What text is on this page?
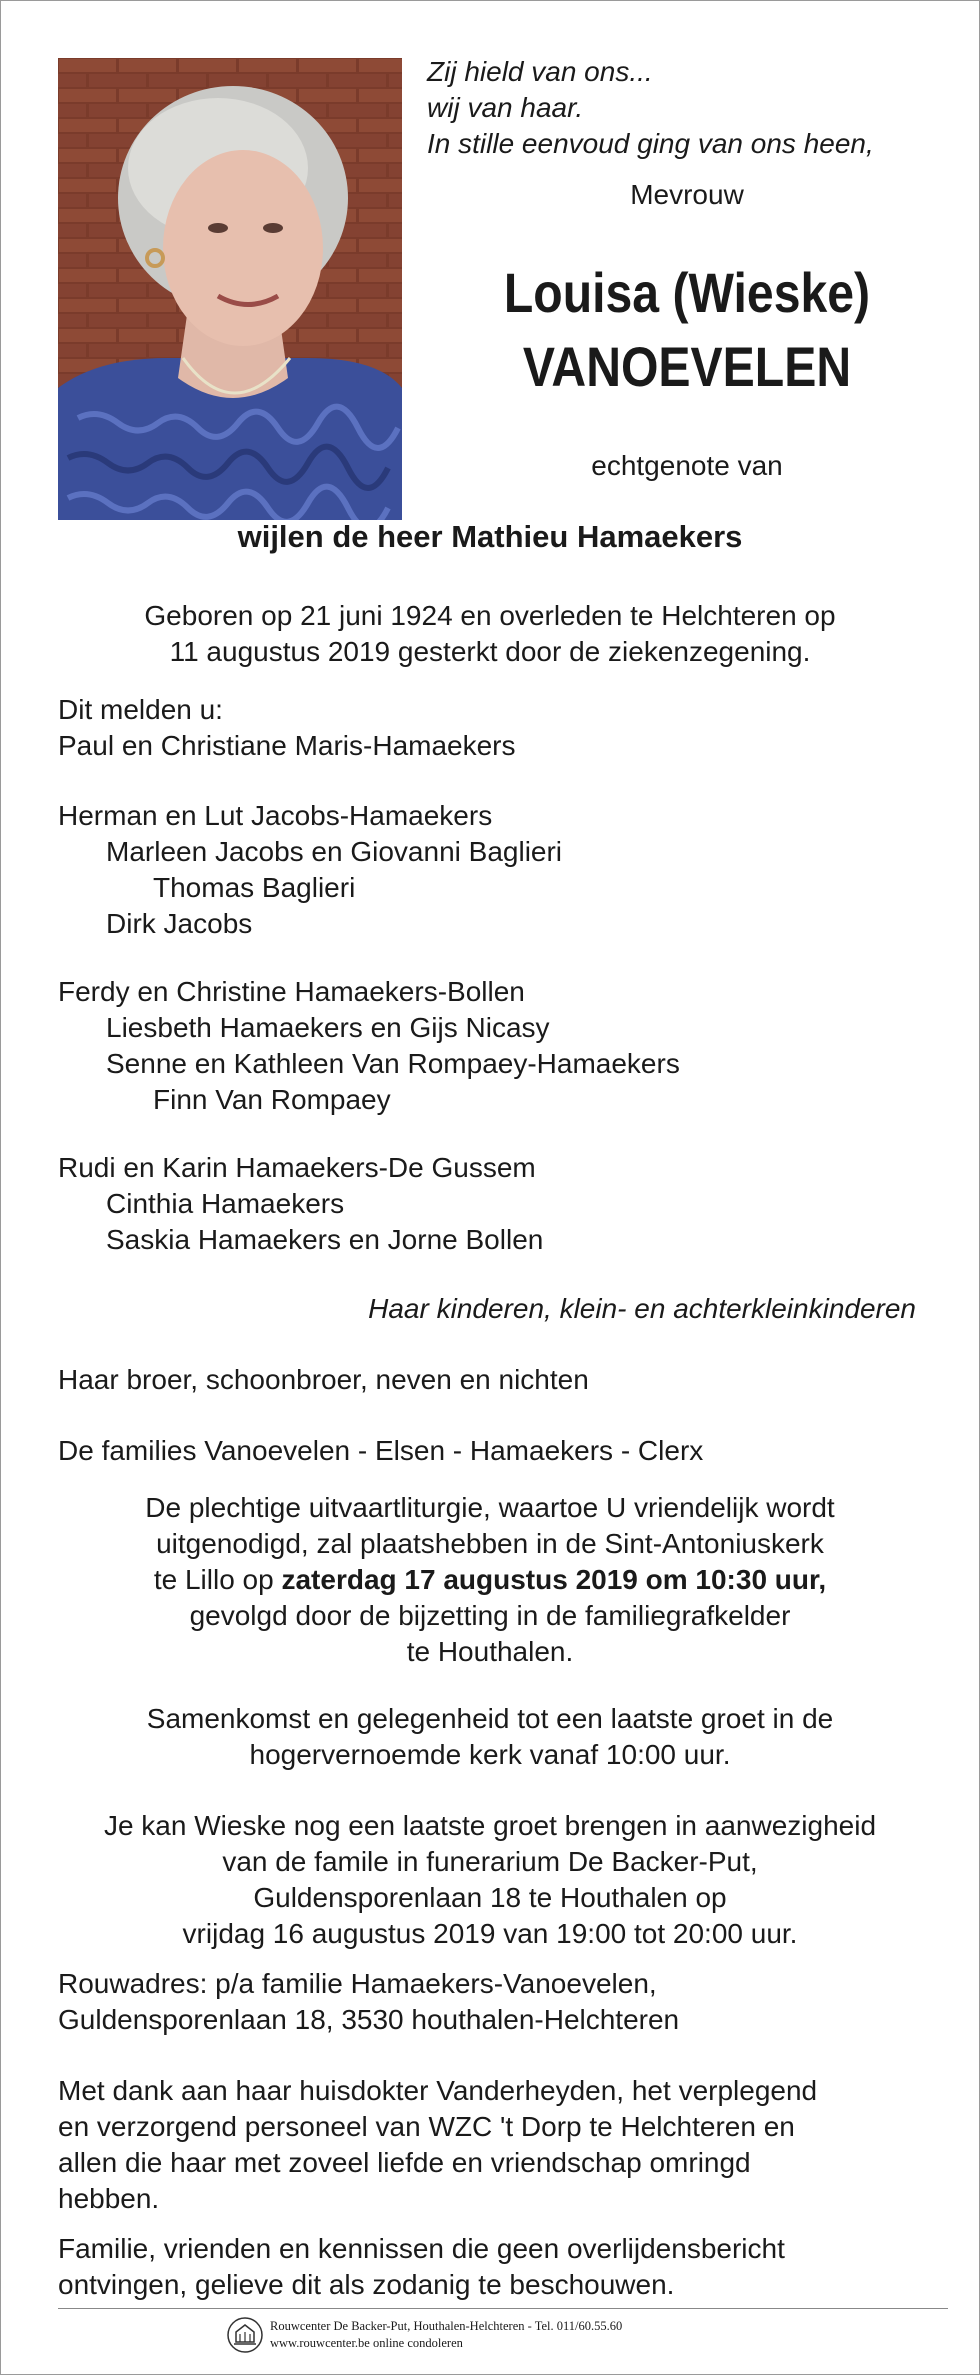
Zij hield van ons...
wij van haar.
In stille eenvoud ging van ons heen,
Mevrouw
Louisa (Wieske)
VANOEVELEN
echtgenote van
wijlen de heer Mathieu Hamaekers
Geboren op 21 juni 1924 en overleden te Helchteren op
11 augustus 2019 gesterkt door de ziekenzegening.
Dit melden u:
Paul en Christiane Maris-Hamaekers
Herman en Lut Jacobs-Hamaekers
Marleen Jacobs en Giovanni Baglieri
Thomas Baglieri
Dirk Jacobs
Ferdy en Christine Hamaekers-Bollen
Liesbeth Hamaekers en Gijs Nicasy
Senne en Kathleen Van Rompaey-Hamaekers
Finn Van Rompaey
Rudi en Karin Hamaekers-De Gussem
Cinthia Hamaekers
Saskia Hamaekers en Jorne Bollen
Haar kinderen, klein- en achterkleinkinderen
Haar broer, schoonbroer, neven en nichten
De families Vanoevelen - Elsen - Hamaekers - Clerx
De plechtige uitvaartliturgie, waartoe U vriendelijk wordt
uitgenodigd, zal plaatshebben in de Sint-Antoniuskerk
te Lillo op zaterdag 17 augustus 2019 om 10:30 uur,
gevolgd door de bijzetting in de familiegrafkelder
te Houthalen.
Samenkomst en gelegenheid tot een laatste groet in de
hogervernoemde kerk vanaf 10:00 uur.
Je kan Wieske nog een laatste groet brengen in aanwezigheid
van de famile in funerarium De Backer-Put,
Guldensporenlaan 18 te Houthalen op
vrijdag 16 augustus 2019 van 19:00 tot 20:00 uur.
Rouwadres: p/a familie Hamaekers-Vanoevelen,
Guldensporenlaan 18, 3530 houthalen-Helchteren
Met dank aan haar huisdokter Vanderheyden, het verplegend
en verzorgend personeel van WZC 't Dorp te Helchteren en
allen die haar met zoveel liefde en vriendschap omringd
hebben.
Familie, vrienden en kennissen die geen overlijdensbericht
ontvingen, gelieve dit als zodanig te beschouwen.
Rouwcenter De Backer-Put, Houthalen-Helchteren - Tel. 011/60.55.60
www.rouwcenter.be online condoleren
